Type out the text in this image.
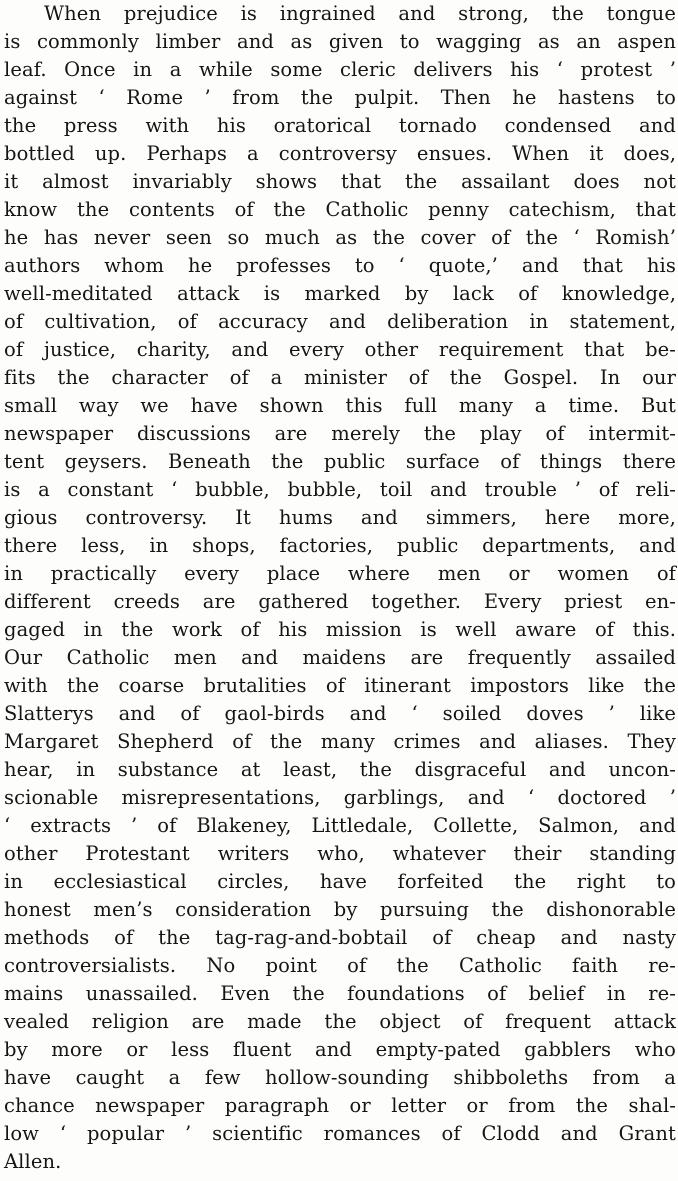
When prejudice is ingrained and strong, the tongue
is commonly limber and as given to wagging as an aspen
leaf. Once in a while some cleric delivers his ‘ protest ’
against ‘ Rome ’ from the pulpit. Then he hastens to
the press with his oratorical tornado condensed and
bottled up. Perhaps a controversy ensues. When it does,
it almost invariably shows that the assailant does not
know the contents of the Catholic penny catechism, that
he has never seen so much as the cover of the ‘ Romish’
authors whom he professes to ‘ quote,’ and that his
well-meditated attack is marked by lack of knowledge,
of cultivation, of accuracy and deliberation in statement,
of justice, charity, and every other requirement that be-
fits the character of a minister of the Gospel. In our
small way we have shown this full many a time. But
newspaper discussions are merely the play of intermit-
tent geysers. Beneath the public surface of things there
is a constant ‘ bubble, bubble, toil and trouble ’ of reli-
gious controversy. It hums and simmers, here more,
there less, in shops, factories, public departments, and
in practically every place where men or women of
different creeds are gathered together. Every priest en-
gaged in the work of his mission is well aware of this.
Our Catholic men and maidens are frequently assailed
with the coarse brutalities of itinerant impostors like the
Slatterys and of gaol-birds and ‘ soiled doves ’ like
Margaret Shepherd of the many crimes and aliases. They
hear, in substance at least, the disgraceful and uncon-
scionable misrepresentations, garblings, and ‘ doctored ’
‘ extracts ’ of Blakeney, Littledale, Collette, Salmon, and
other Protestant writers who, whatever their standing
in ecclesiastical circles, have forfeited the right to
honest men’s consideration by pursuing the dishonorable
methods of the tag-rag-and-bobtail of cheap and nasty
controversialists. No point of the Catholic faith re-
mains unassailed. Even the foundations of belief in re-
vealed religion are made the object of frequent attack
by more or less fluent and empty-pated gabblers who
have caught a few hollow-sounding shibboleths from a
chance newspaper paragraph or letter or from the shal-
low ‘ popular ’ scientific romances of Clodd and Grant
Allen.
